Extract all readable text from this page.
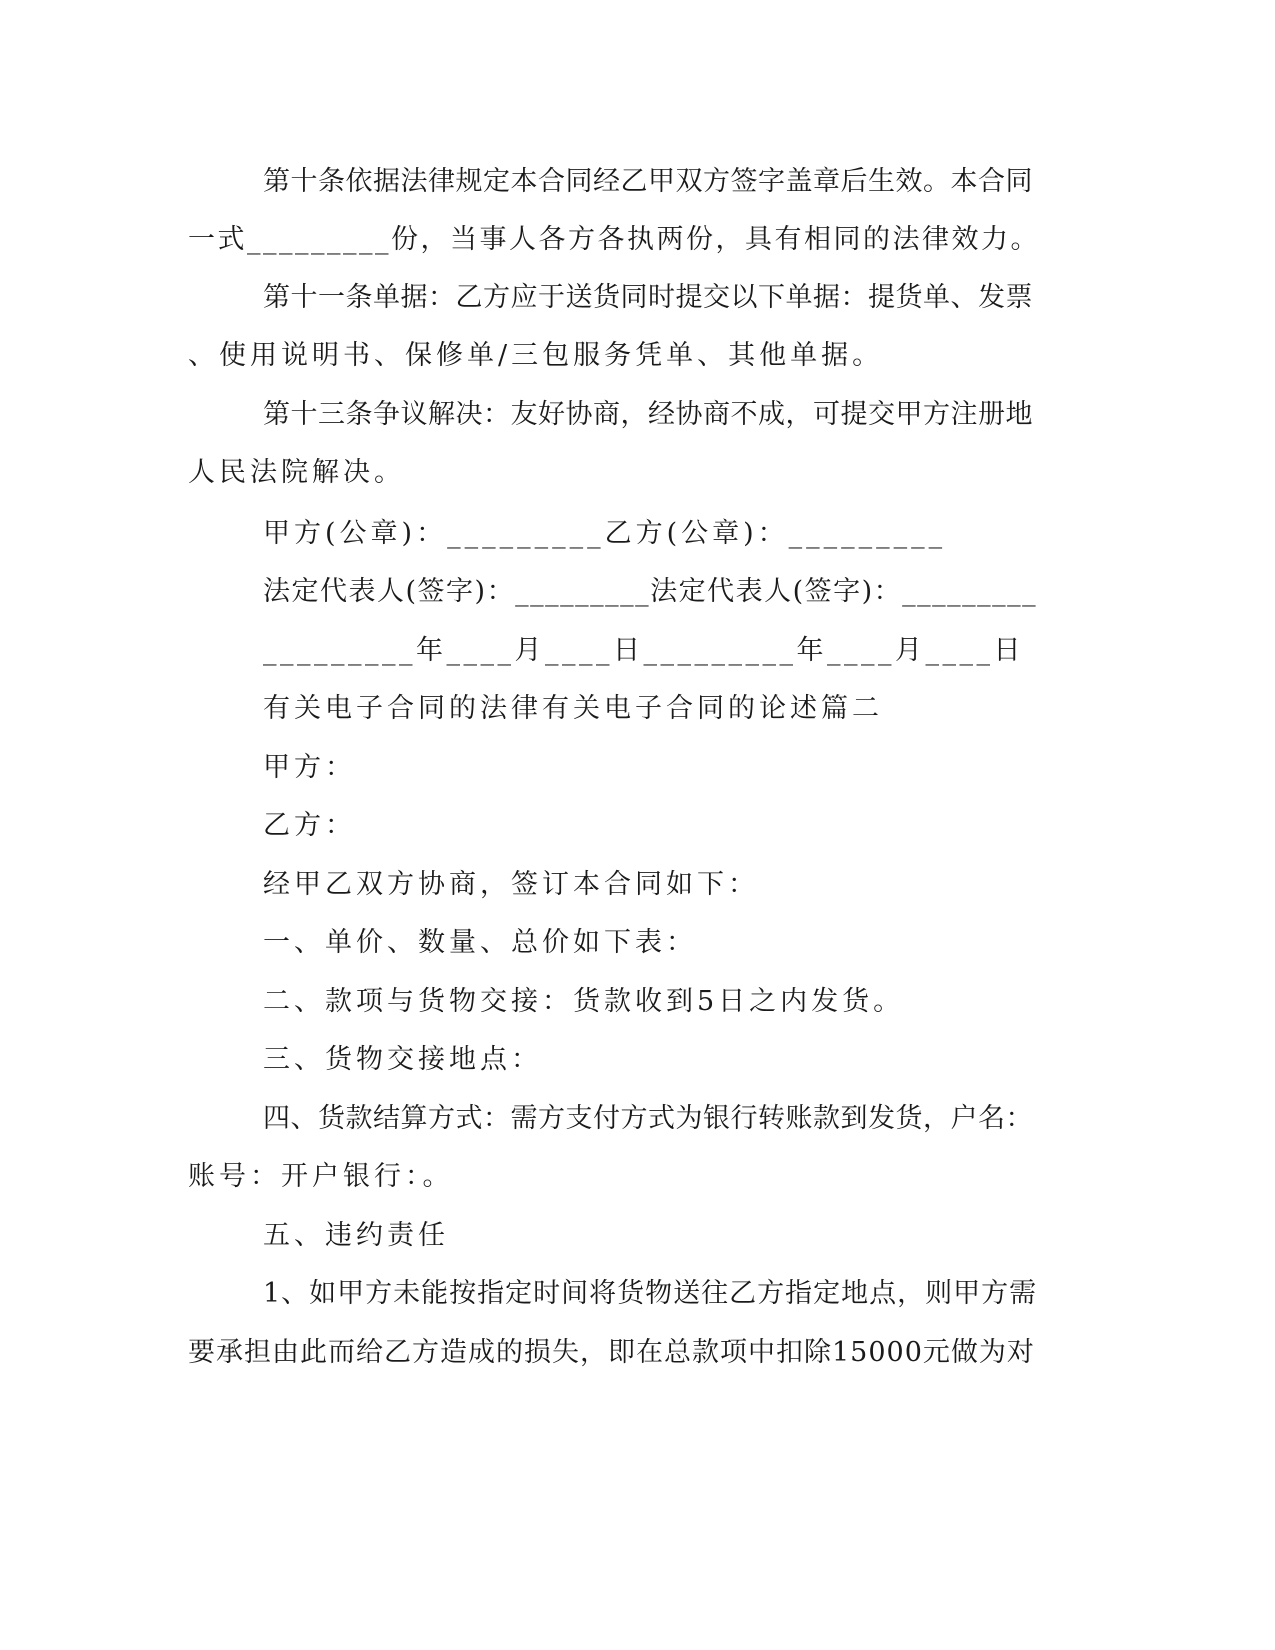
第十条依据法律规定本合同经乙甲双方签字盖章后生效。本合同
一式_________份，当事人各方各执两份，具有相同的法律效力。
第十一条单据：乙方应于送货同时提交以下单据：提货单、发票
、使用说明书、保修单/三包服务凭单、其他单据。
第十三条争议解决：友好协商，经协商不成，可提交甲方注册地
人民法院解决。
甲方(公章)：_________乙方(公章)：_________
法定代表人(签字)：_________法定代表人(签字)：_________
_________年____月____日_________年____月____日
有关电子合同的法律有关电子合同的论述篇二
甲方：
乙方：
经甲乙双方协商，签订本合同如下：
一、单价、数量、总价如下表：
二、款项与货物交接：货款收到5日之内发货。
三、货物交接地点：
四、货款结算方式：需方支付方式为银行转账款到发货，户名：
账号：开户银行：。
五、违约责任
1、如甲方未能按指定时间将货物送往乙方指定地点，则甲方需
要承担由此而给乙方造成的损失，即在总款项中扣除15000元做为对
